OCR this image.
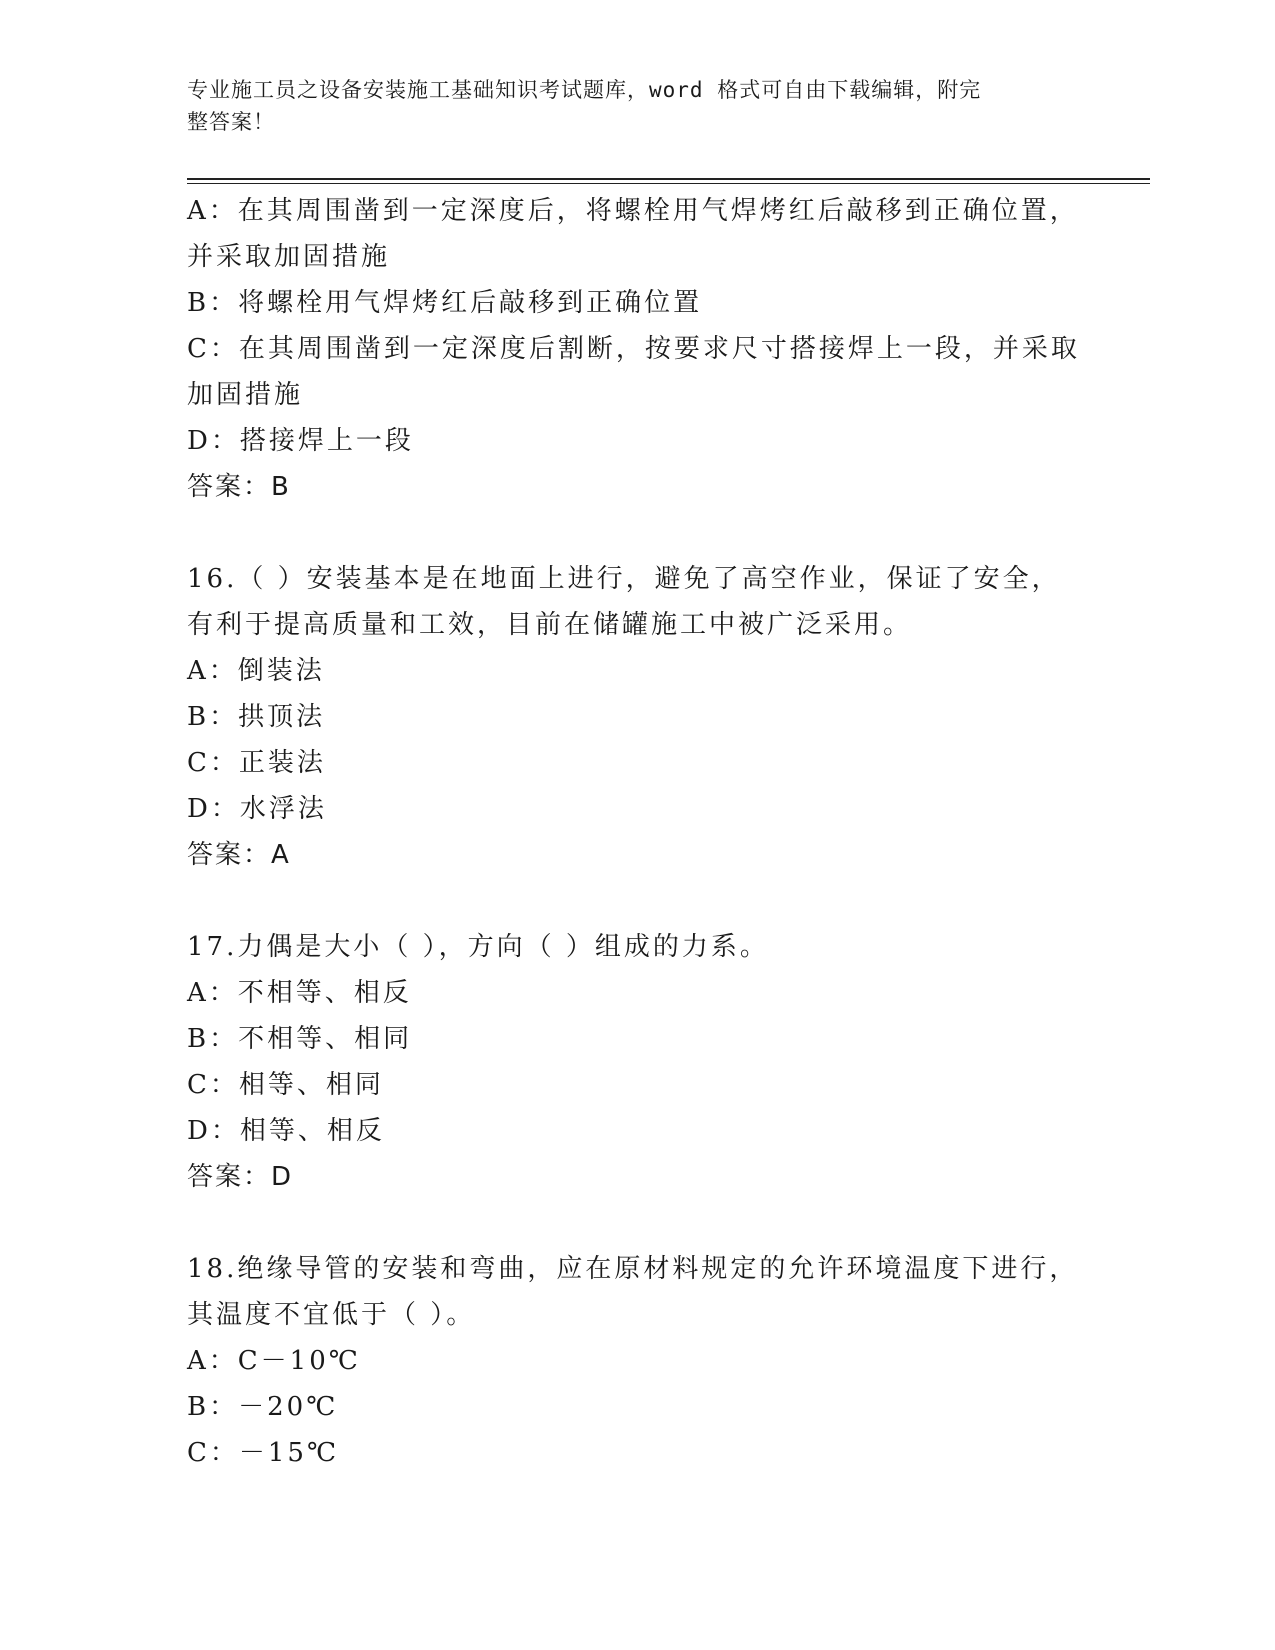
专业施工员之设备安装施工基础知识考试题库，word 格式可自由下载编辑，附完
整答案！
A：在其周围凿到一定深度后，将螺栓用气焊烤红后敲移到正确位置，
并采取加固措施
B：将螺栓用气焊烤红后敲移到正确位置
C：在其周围凿到一定深度后割断，按要求尺寸搭接焊上一段，并采取
加固措施
D：搭接焊上一段
答案：B
16.（ ）安装基本是在地面上进行，避免了高空作业，保证了安全，
有利于提高质量和工效，目前在储罐施工中被广泛采用。
A：倒装法
B：拱顶法
C：正装法
D：水浮法
答案：A
17.力偶是大小（ ），方向（ ）组成的力系。
A：不相等、相反
B：不相等、相同
C：相等、相同
D：相等、相反
答案：D
18.绝缘导管的安装和弯曲，应在原材料规定的允许环境温度下进行，
其温度不宜低于（ ）。
A：C－10℃
B：－20℃
C：－15℃
